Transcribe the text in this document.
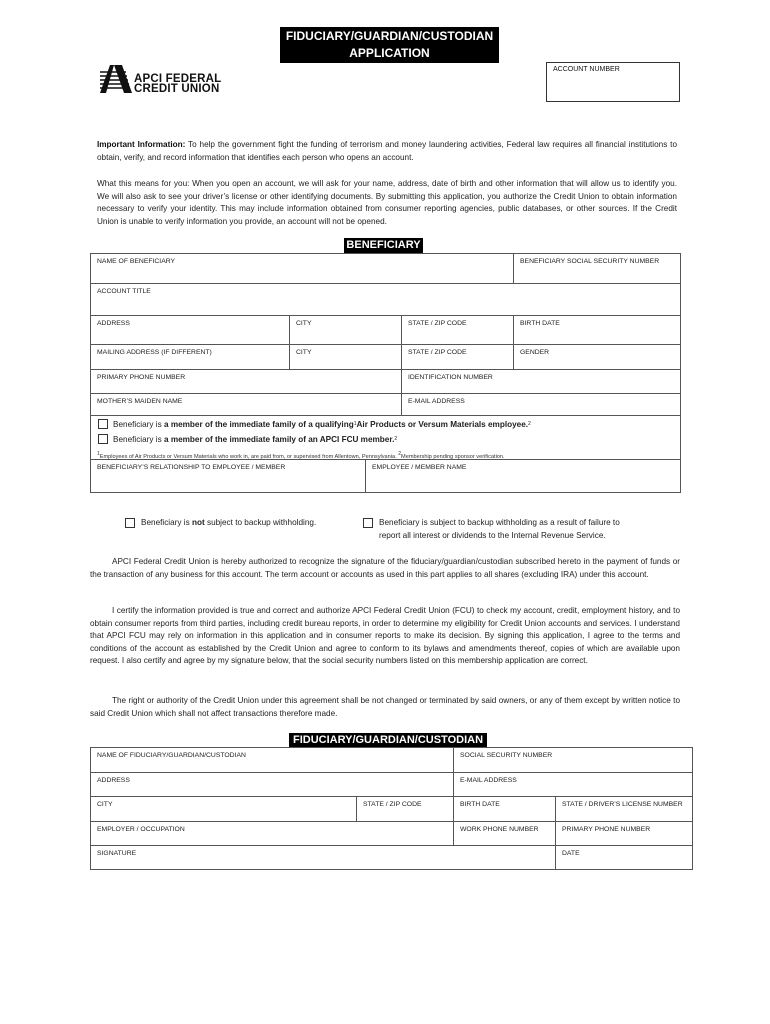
FIDUCIARY/GUARDIAN/CUSTODIAN
APPLICATION
APCI FEDERAL
CREDIT UNION
ACCOUNT NUMBER
Important Information: To help the government fight the funding of terrorism and money laundering activities, Federal law requires all financial institutions to obtain, verify, and record information that identifies each person who opens an account.
What this means for you: When you open an account, we will ask for your name, address, date of birth and other information that will allow us to identify you. We will also ask to see your driver’s license or other identifying documents. By submitting this application, you authorize the Credit Union to obtain information necessary to verify your identity. This may include information obtained from consumer reporting agencies, public databases, or other sources. If the Credit Union is unable to verify information you provide, an account will not be opened.
BENEFICIARY
NAME OF BENEFICIARY	BENEFICIARY SOCIAL SECURITY NUMBER
ACCOUNT TITLE
ADDRESS	CITY	STATE / ZIP CODE	BIRTH DATE
MAILING ADDRESS (IF DIFFERENT)	CITY	STATE / ZIP CODE	GENDER
PRIMARY PHONE NUMBER	IDENTIFICATION NUMBER
MOTHER’S MAIDEN NAME	E-MAIL ADDRESS
Beneficiary is
a member of the immediate family of a qualifying 1 Air Products or Versum Materials employee. 2
Beneficiary is
a member of the immediate family of an APCI FCU member. 2
$^1$Employees of Air Products or Versum Materials who work in, are paid from, or supervised from Allentown, Pennsylvania. $^2$Membership pending sponsor verification.
BENEFICIARY’S RELATIONSHIP TO EMPLOYEE / MEMBER	EMPLOYEE / MEMBER NAME
Beneficiary is not subject to backup withholding.	Beneficiary is subject to backup withholding as a result of failure to
report all interest or dividends to the Internal Revenue Service.
APCI Federal Credit Union is hereby authorized to recognize the signature of the fiduciary/guardian/custodian subscribed hereto in the payment of funds or the transaction of any business for this account. The term account or accounts as used in this part applies to all shares (excluding IRA) under this account.
I certify the information provided is true and correct and authorize APCI Federal Credit Union (FCU) to check my account, credit, employment history, and to obtain consumer reports from third parties, including credit bureau reports, in order to determine my eligibility for Credit Union accounts and services. I understand that APCI FCU may rely on information in this application and in consumer reports to make its decision. By signing this application, I agree to the terms and conditions of the account as established by the Credit Union and agree to conform to its bylaws and amendments thereof, copies of which are available upon request. I also certify and agree by my signature below, that the social security numbers listed on this membership application are correct.
The right or authority of the Credit Union under this agreement shall be not changed or terminated by said owners, or any of them except by written notice to said Credit Union which shall not affect transactions therefore made.
FIDUCIARY/GUARDIAN/CUSTODIAN
NAME OF FIDUCIARY/GUARDIAN/CUSTODIAN	SOCIAL SECURITY NUMBER
ADDRESS	E-MAIL ADDRESS
CITY	STATE / ZIP CODE	BIRTH DATE	STATE / DRIVER’S LICENSE NUMBER
EMPLOYER / OCCUPATION	WORK PHONE NUMBER	PRIMARY PHONE NUMBER
SIGNATURE	DATE
